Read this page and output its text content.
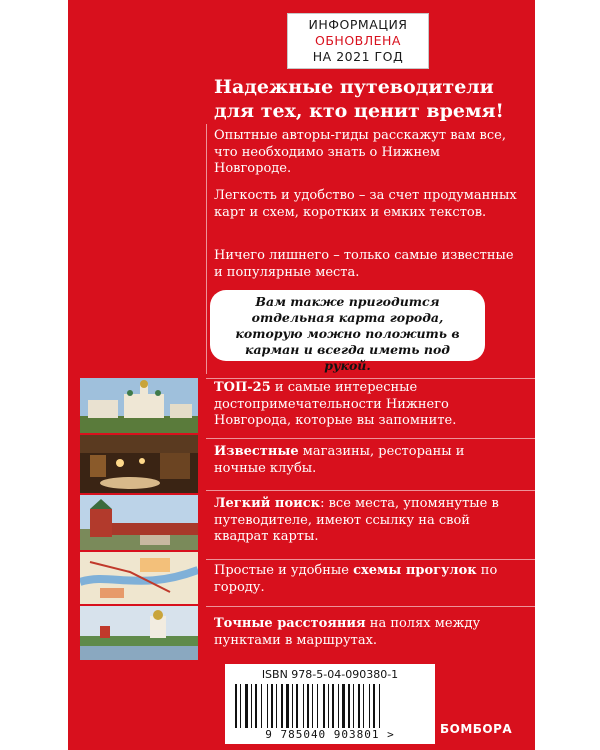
ИНФОРМАЦИЯ
ОБНОВЛЕНА
НА 2021 ГОД
Надежные путеводители
для тех, кто ценит время!

Опытные авторы-гиды расскажут вам все, что необходимо знать о Нижнем Новгороде.

Легкость и удобство – за счет продуманных карт и схем, коротких и емких текстов.

Ничего лишнего – только самые известные и популярные места.

Вам также пригодится отдельная карта города, которую можно положить в карман и всегда иметь под рукой.

ТОП-25 и самые интересные достопримечательности Нижнего Новгорода, которые вы запомните.

Известные магазины, рестораны и ночные клубы.

Легкий поиск: все места, упомянутые в путеводителе, имеют ссылку на свой квадрат карты.

Простые и удобные схемы прогулок по городу.

Точные расстояния на полях между пунктами в маршрутах.

ISBN 978-5-04-090380-1
9 785040 903801 >	БОМБОРА
